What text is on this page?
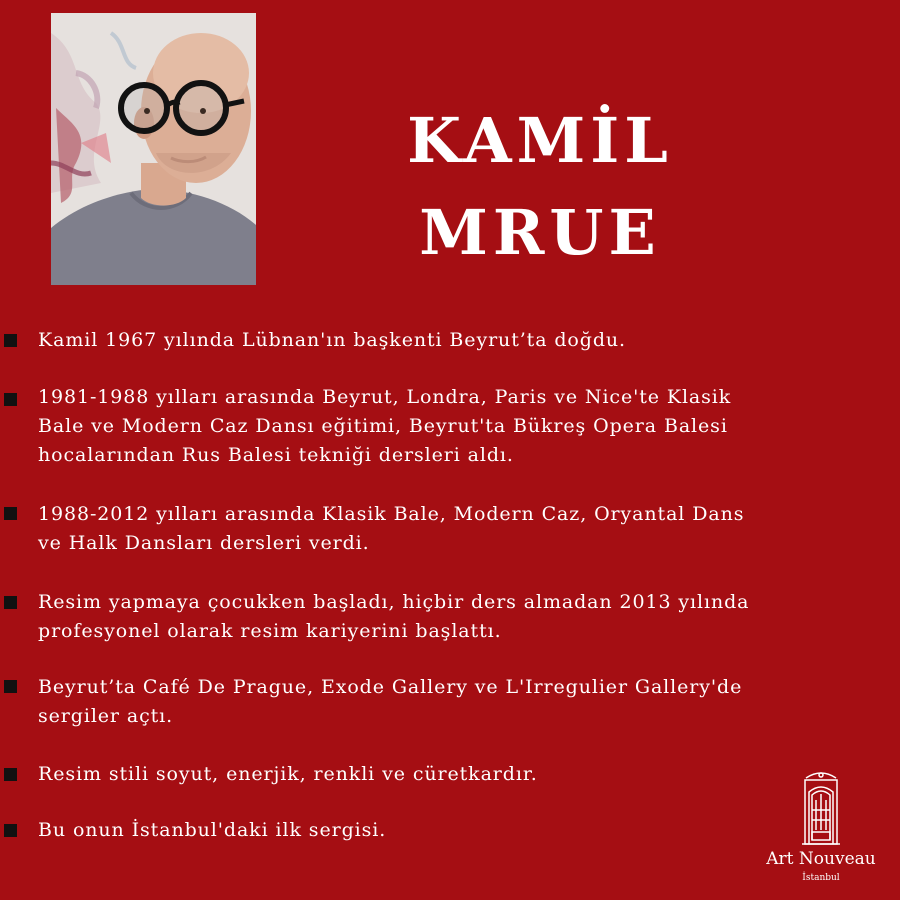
KAMİL
MRUE
Kamil 1967 yılında Lübnan'ın başkenti Beyrut’ta doğdu.
1981-1988 yılları arasında Beyrut, Londra, Paris ve Nice'te Klasik
Bale ve Modern Caz Dansı eğitimi, Beyrut'ta Bükreş Opera Balesi
hocalarından Rus Balesi tekniği dersleri aldı.
1988-2012 yılları arasında Klasik Bale, Modern Caz, Oryantal Dans
ve Halk Dansları dersleri verdi.
Resim yapmaya çocukken başladı, hiçbir ders almadan 2013 yılında
profesyonel olarak resim kariyerini başlattı.
Beyrut’ta Café De Prague, Exode Gallery ve L'Irregulier Gallery'de
sergiler açtı.
Resim stili soyut, enerjik, renkli ve cüretkardır.
Bu onun İstanbul'daki ilk sergisi.
Art Nouveau
İstanbul
